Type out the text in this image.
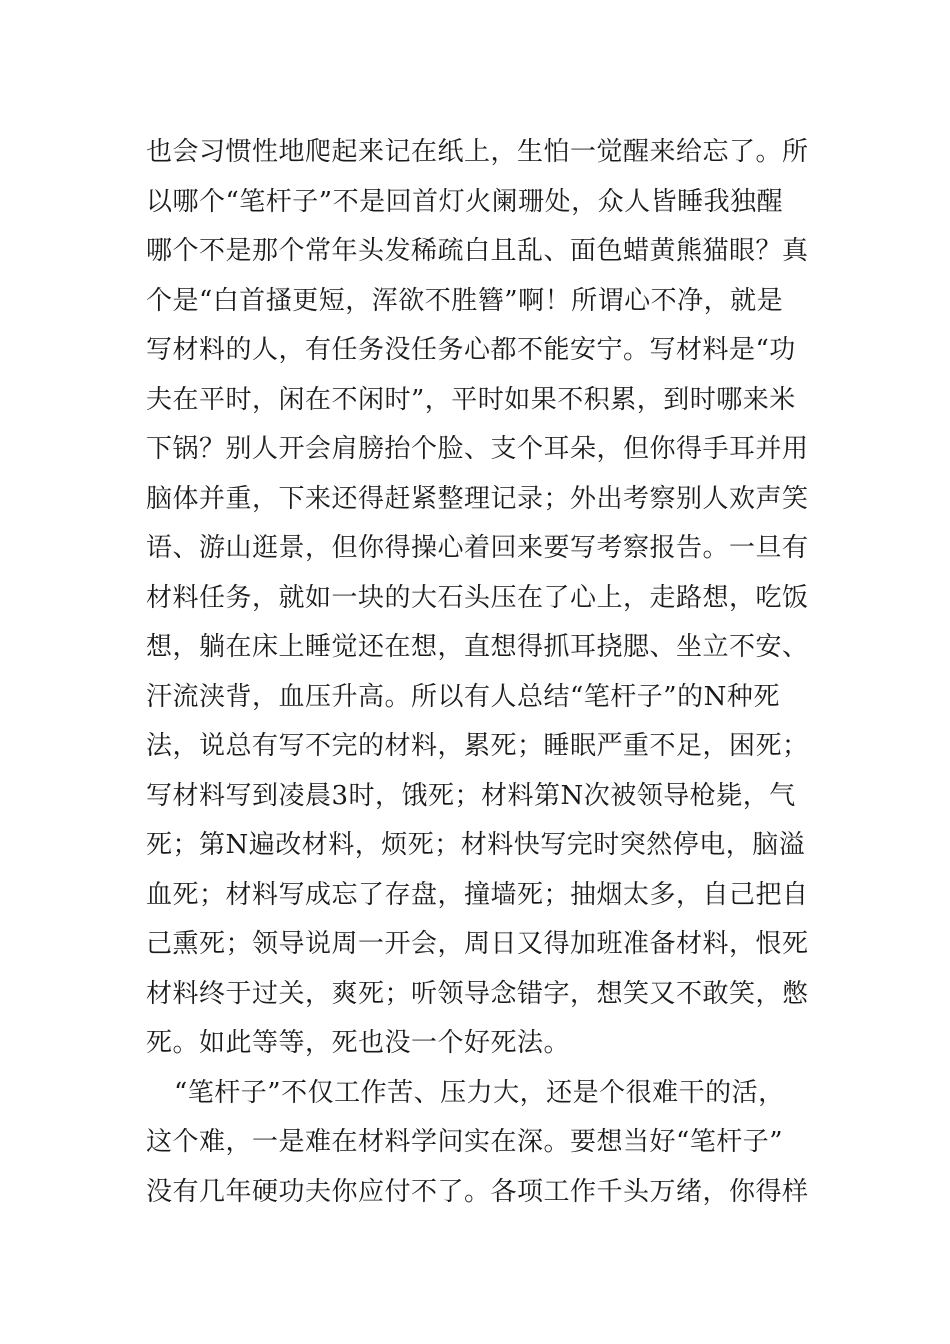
也会习惯性地爬起来记在纸上，生怕一觉醒来给忘了。所
以哪个“笔杆子”不是回首灯火阑珊处，众人皆睡我独醒
哪个不是那个常年头发稀疏白且乱、面色蜡黄熊猫眼？真
个是“白首搔更短，浑欲不胜簪”啊！所谓心不净，就是
写材料的人，有任务没任务心都不能安宁。写材料是“功
夫在平时，闲在不闲时”，平时如果不积累，到时哪来米
下锅？别人开会肩膀抬个脸、支个耳朵，但你得手耳并用
脑体并重，下来还得赶紧整理记录；外出考察别人欢声笑
语、游山逛景，但你得操心着回来要写考察报告。一旦有
材料任务，就如一块的大石头压在了心上，走路想，吃饭
想，躺在床上睡觉还在想，直想得抓耳挠腮、坐立不安、
汗流浃背，血压升高。所以有人总结“笔杆子”的N种死
法，说总有写不完的材料，累死；睡眠严重不足，困死；
写材料写到凌晨3时，饿死；材料第N次被领导枪毙，气
死；第N遍改材料，烦死；材料快写完时突然停电，脑溢
血死；材料写成忘了存盘，撞墙死；抽烟太多，自己把自
己熏死；领导说周一开会，周日又得加班准备材料，恨死
材料终于过关，爽死；听领导念错字，想笑又不敢笑，憋
死。如此等等，死也没一个好死法。
“笔杆子”不仅工作苦、压力大，还是个很难干的活，
这个难，一是难在材料学问实在深。要想当好“笔杆子”
没有几年硬功夫你应付不了。各项工作千头万绪，你得样
